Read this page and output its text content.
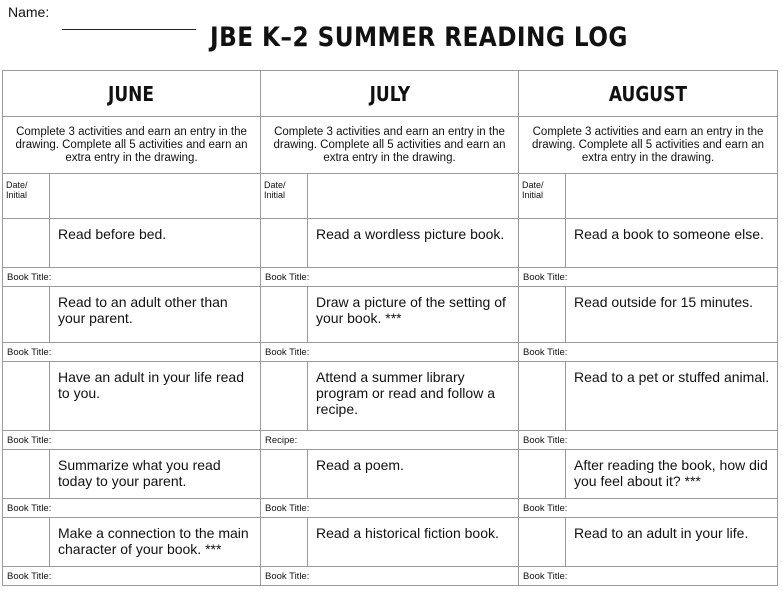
Name:
JBE K–2 SUMMER READING LOG
JUNE		JULY		AUGUST	
Complete 3 activities and earn an entry in the drawing. Complete all 5 activities and earn an extra entry in the drawing.		Complete 3 activities and earn an entry in the drawing. Complete all 5 activities and earn an extra entry in the drawing.		Complete 3 activities and earn an entry in the drawing. Complete all 5 activities and earn an extra entry in the drawing.	
Date/ Initial		Date/ Initial		Date/ Initial	
	Read before bed.		Read a wordless picture book.		Read a book to someone else.
Book Title:		Book Title:		Book Title:	
	Read to an adult other than your parent.		Draw a picture of the setting of your book. ***		Read outside for 15 minutes.
Book Title:		Book Title:		Book Title:	
	Have an adult in your life read to you.		Attend a summer library program or read and follow a recipe.		Read to a pet or stuffed animal.
Book Title:		Recipe:		Book Title:	
	Summarize what you read today to your parent.		Read a poem.		After reading the book, how did you feel about it? ***
Book Title:		Book Title:		Book Title:	
	Make a connection to the main character of your book. ***		Read a historical fiction book.		Read to an adult in your life.
Book Title:		Book Title:		Book Title:	
